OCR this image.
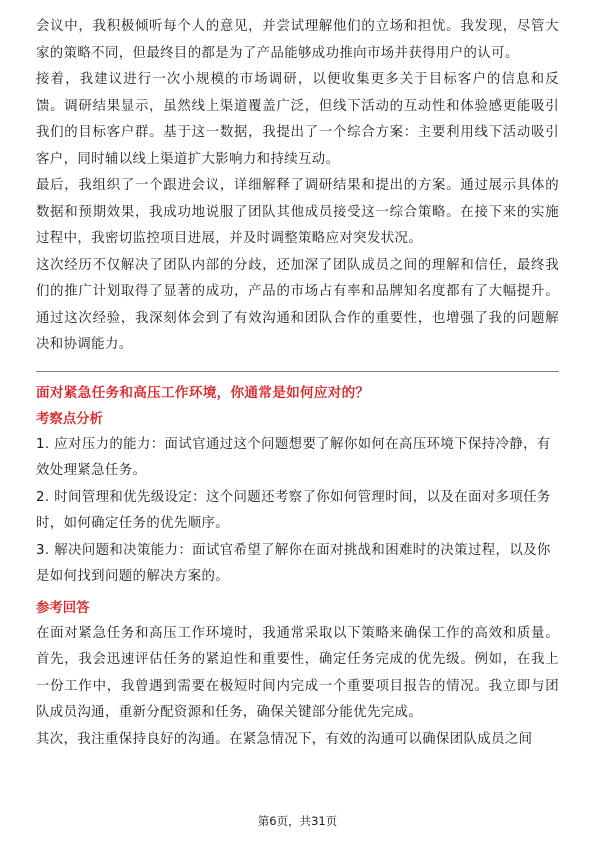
会议中，我积极倾听每个人的意见，并尝试理解他们的立场和担忧。我发现，尽管大家的策略不同，但最终目的都是为了产品能够成功推向市场并获得用户的认可。

接着，我建议进行一次小规模的市场调研，以便收集更多关于目标客户的信息和反馈。调研结果显示，虽然线上渠道覆盖广泛，但线下活动的互动性和体验感更能吸引我们的目标客户群。基于这一数据，我提出了一个综合方案：主要利用线下活动吸引客户，同时辅以线上渠道扩大影响力和持续互动。

最后，我组织了一个跟进会议，详细解释了调研结果和提出的方案。通过展示具体的数据和预期效果，我成功地说服了团队其他成员接受这一综合策略。在接下来的实施过程中，我密切监控项目进展，并及时调整策略应对突发状况。

这次经历不仅解决了团队内部的分歧，还加深了团队成员之间的理解和信任，最终我们的推广计划取得了显著的成功，产品的市场占有率和品牌知名度都有了大幅提升。通过这次经验，我深刻体会到了有效沟通和团队合作的重要性，也增强了我的问题解决和协调能力。

面对紧急任务和高压工作环境，你通常是如何应对的？

考察点分析

1. 应对压力的能力：面试官通过这个问题想要了解你如何在高压环境下保持冷静，有效处理紧急任务。

2. 时间管理和优先级设定：这个问题还考察了你如何管理时间，以及在面对多项任务时，如何确定任务的优先顺序。

3. 解决问题和决策能力：面试官希望了解你在面对挑战和困难时的决策过程，以及你是如何找到问题的解决方案的。

参考回答

在面对紧急任务和高压工作环境时，我通常采取以下策略来确保工作的高效和质量。首先，我会迅速评估任务的紧迫性和重要性，确定任务完成的优先级。例如，在我上一份工作中，我曾遇到需要在极短时间内完成一个重要项目报告的情况。我立即与团队成员沟通，重新分配资源和任务，确保关键部分能优先完成。

其次，我注重保持良好的沟通。在紧急情况下，有效的沟通可以确保团队成员之间

第6页，共31页
